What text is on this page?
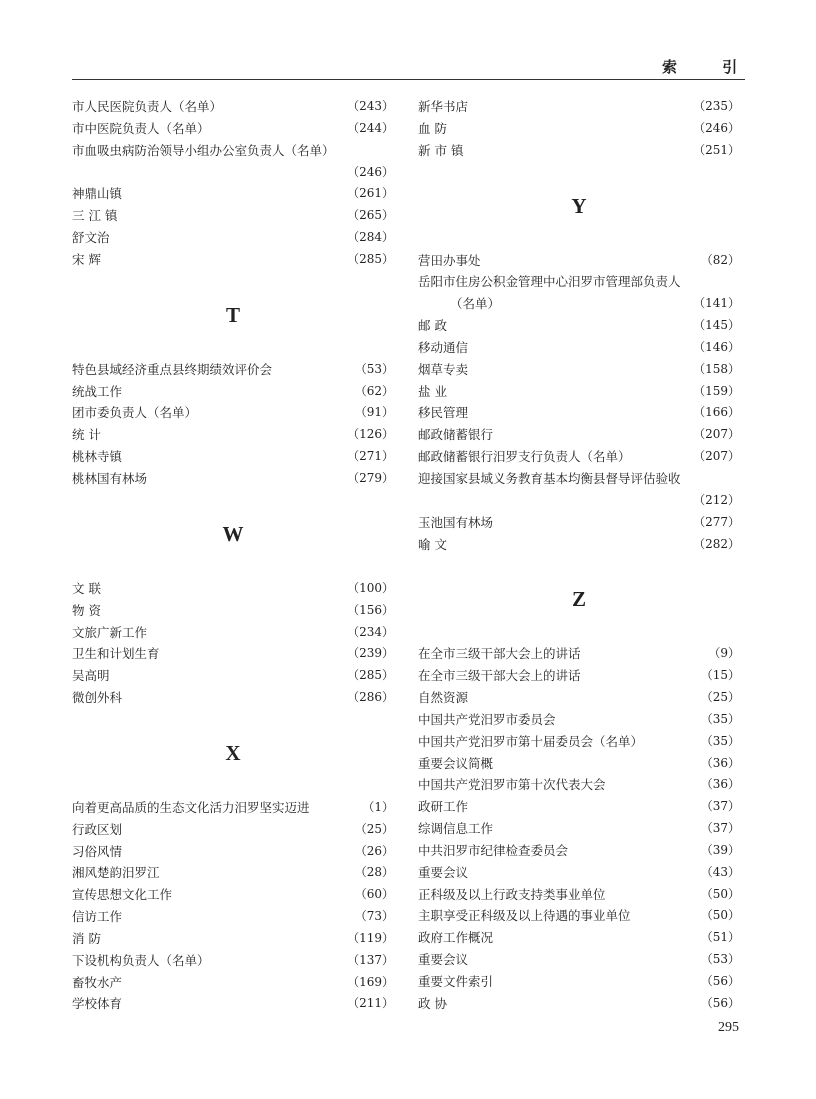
索 引
市人民医院负责人（名单）	（243）
市中医院负责人（名单）	（244）
市血吸虫病防治领导小组办公室负责人（名单）
（246）
神鼎山镇	（261）
三 江 镇	（265）
舒文治	（284）
宋 辉	（285）
T
特色县域经济重点县终期绩效评价会	（53）
统战工作	（62）
团市委负责人（名单）	（91）
统 计	（126）
桃林寺镇	（271）
桃林国有林场	（279）
W
文 联	（100）
物 资	（156）
文旅广新工作	（234）
卫生和计划生育	（239）
吴高明	（285）
微创外科	（286）
X
向着更高品质的生态文化活力汨罗坚实迈进	（1）
行政区划	（25）
习俗风情	（26）
湘风楚韵汨罗江	（28）
宣传思想文化工作	（60）
信访工作	（73）
消 防	（119）
下设机构负责人（名单）	（137）
畜牧水产	（169）
学校体育	（211）
新华书店	（235）
血 防	（246）
新 市 镇	（251）
Y
营田办事处	（82）
岳阳市住房公积金管理中心汨罗市管理部负责人
（名单）	（141）
邮 政	（145）
移动通信	（146）
烟草专卖	（158）
盐 业	（159）
移民管理	（166）
邮政储蓄银行	（207）
邮政储蓄银行汨罗支行负责人（名单）	（207）
迎接国家县域义务教育基本均衡县督导评估验收
（212）
玉池国有林场	（277）
喻 文	（282）
Z
在全市三级干部大会上的讲话	（9）
在全市三级干部大会上的讲话	（15）
自然资源	（25）
中国共产党汨罗市委员会	（35）
中国共产党汨罗市第十届委员会（名单）	（35）
重要会议简概	（36）
中国共产党汨罗市第十次代表大会	（36）
政研工作	（37）
综调信息工作	（37）
中共汨罗市纪律检查委员会	（39）
重要会议	（43）
正科级及以上行政支持类事业单位	（50）
主职享受正科级及以上待遇的事业单位	（50）
政府工作概况	（51）
重要会议	（53）
重要文件索引	（56）
政 协	（56）
295
